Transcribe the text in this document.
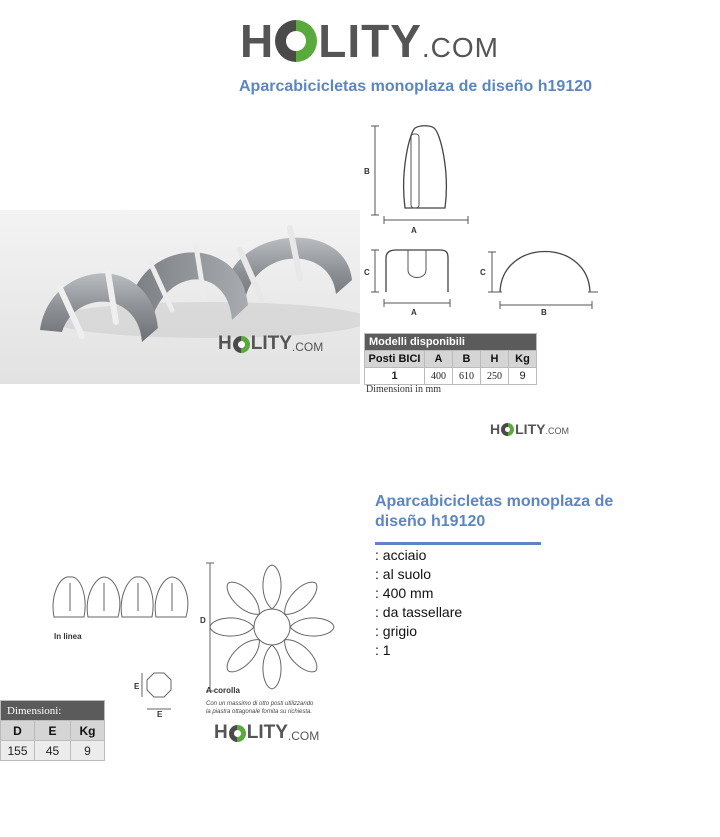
H LITY .COM
Aparcabicicletas monoplaza de diseño h19120
H LITY .COM
B
A
C
A
C
B
Modelli disponibili				
Posti BICI	A	B	H	Kg
1	400	610	250	9
Dimensioni in mm
H LITY .COM
Aparcabicicletas monoplaza de diseño h19120
: acciaio
: al suolo
: 400 mm
: da tassellare
: grigio
: 1
In linea
D
E
E
A corolla
Con un massimo di otto posti utilizzando
la piastra ottagonale fornita su richiesta.
Dimensioni:		
D	E	Kg
155	45	9
H LITY .COM
